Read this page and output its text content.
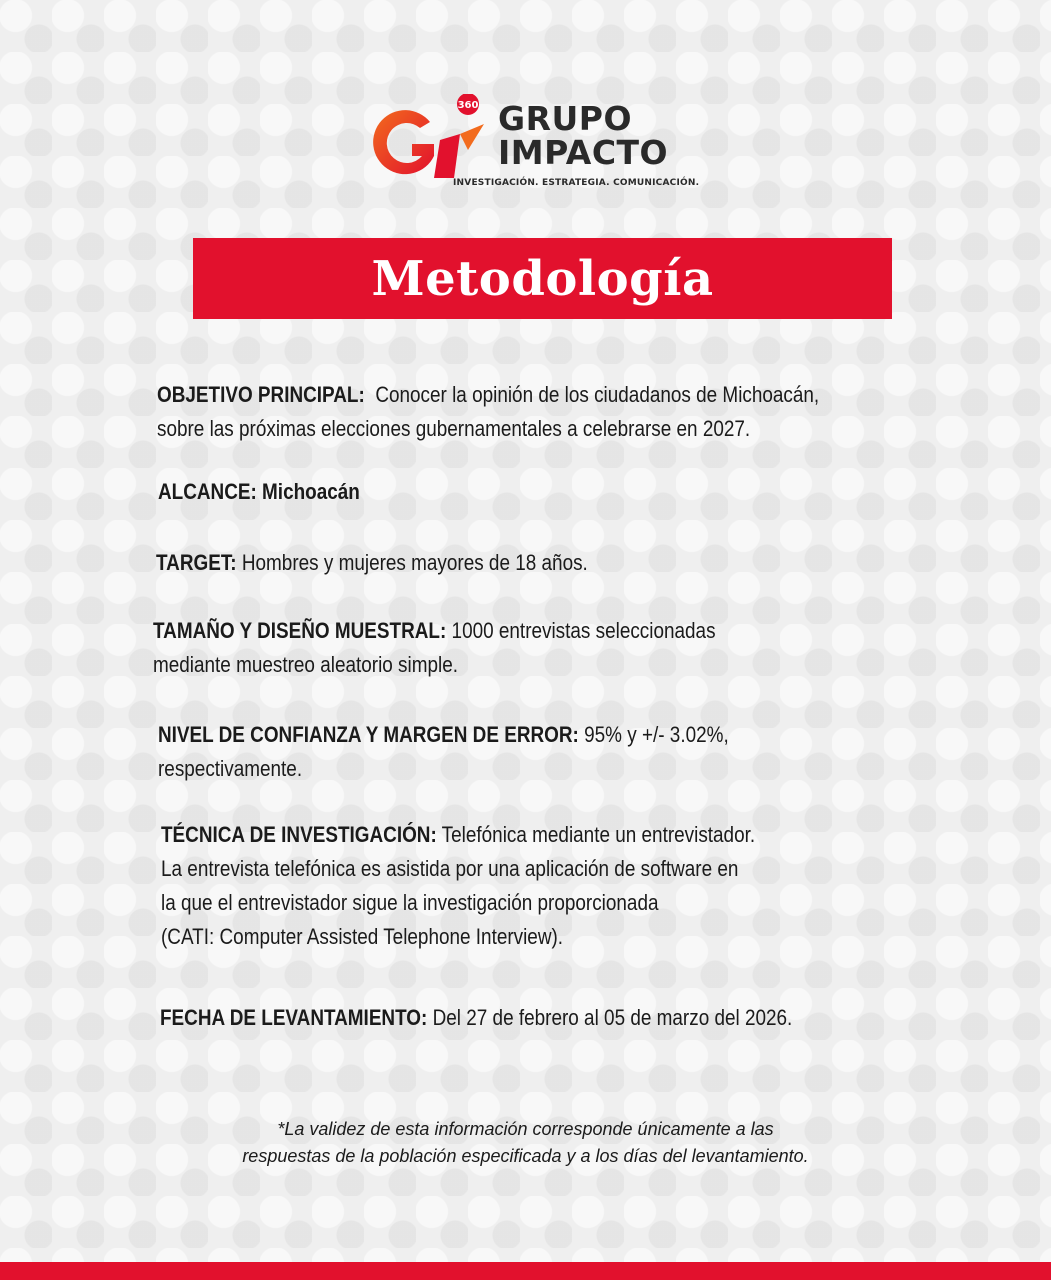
360 GRUPO
IMPACTO
INVESTIGACIÓN. ESTRATEGIA. COMUNICACIÓN.
Metodología
OBJETIVO PRINCIPAL: Conocer la opinión de los ciudadanos de Michoacán,
sobre las próximas elecciones gubernamentales a celebrarse en 2027.
ALCANCE: Michoacán
TARGET: Hombres y mujeres mayores de 18 años.
TAMAÑO Y DISEÑO MUESTRAL: 1000 entrevistas seleccionadas
mediante muestreo aleatorio simple.
NIVEL DE CONFIANZA Y MARGEN DE ERROR: 95% y +/- 3.02%,
respectivamente.
TÉCNICA DE INVESTIGACIÓN: Telefónica mediante un entrevistador.
La entrevista telefónica es asistida por una aplicación de software en
la que el entrevistador sigue la investigación proporcionada
(CATI: Computer Assisted Telephone Interview).
FECHA DE LEVANTAMIENTO: Del 27 de febrero al 05 de marzo del 2026.
*La validez de esta información corresponde únicamente a las
respuestas de la población especificada y a los días del levantamiento.
